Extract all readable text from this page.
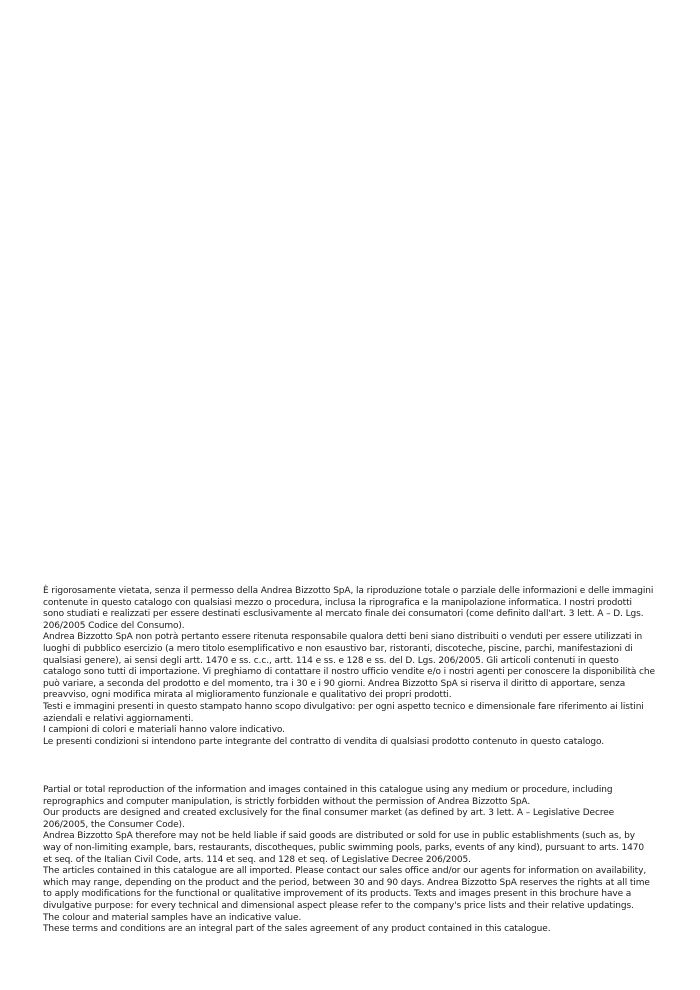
È rigorosamente vietata, senza il permesso della Andrea Bizzotto SpA, la riproduzione totale o parziale delle informazioni e delle immagini contenute in questo catalogo con qualsiasi mezzo o procedura, inclusa la riprografica e la manipolazione informatica. I nostri prodotti sono studiati e realizzati per essere destinati esclusivamente al mercato finale dei consumatori (come definito dall'art. 3 lett. A – D. Lgs. 206/2005 Codice del Consumo).

Andrea Bizzotto SpA non potrà pertanto essere ritenuta responsabile qualora detti beni siano distribuiti o venduti per essere utilizzati in luoghi di pubblico esercizio (a mero titolo esemplificativo e non esaustivo bar, ristoranti, discoteche, piscine, parchi, manifestazioni di qualsiasi genere), ai sensi degli artt. 1470 e ss. c.c., artt. 114 e ss. e 128 e ss. del D. Lgs. 206/2005. Gli articoli contenuti in questo catalogo sono tutti di importazione. Vi preghiamo di contattare il nostro ufficio vendite e/o i nostri agenti per conoscere la disponibilità che può variare, a seconda del prodotto e del momento, tra i 30 e i 90 giorni. Andrea Bizzotto SpA si riserva il diritto di apportare, senza preavviso, ogni modifica mirata al miglioramento funzionale e qualitativo dei propri prodotti.

Testi e immagini presenti in questo stampato hanno scopo divulgativo: per ogni aspetto tecnico e dimensionale fare riferimento ai listini aziendali e relativi aggiornamenti.

I campioni di colori e materiali hanno valore indicativo.

Le presenti condizioni si intendono parte integrante del contratto di vendita di qualsiasi prodotto contenuto in questo catalogo.

Partial or total reproduction of the information and images contained in this catalogue using any medium or procedure, including reprographics and computer manipulation, is strictly forbidden without the permission of Andrea Bizzotto SpA.

Our products are designed and created exclusively for the final consumer market (as defined by art. 3 lett. A – Legislative Decree 206/2005, the Consumer Code).

Andrea Bizzotto SpA therefore may not be held liable if said goods are distributed or sold for use in public establishments (such as, by way of non-limiting example, bars, restaurants, discotheques, public swimming pools, parks, events of any kind), pursuant to arts. 1470 et seq. of the Italian Civil Code, arts. 114 et seq. and 128 et seq. of Legislative Decree 206/2005.

The articles contained in this catalogue are all imported. Please contact our sales office and/or our agents for information on availability, which may range, depending on the product and the period, between 30 and 90 days. Andrea Bizzotto SpA reserves the rights at all time to apply modifications for the functional or qualitative improvement of its products. Texts and images present in this brochure have a divulgative purpose: for every technical and dimensional aspect please refer to the company's price lists and their relative updatings.

The colour and material samples have an indicative value.

These terms and conditions are an integral part of the sales agreement of any product contained in this catalogue.
